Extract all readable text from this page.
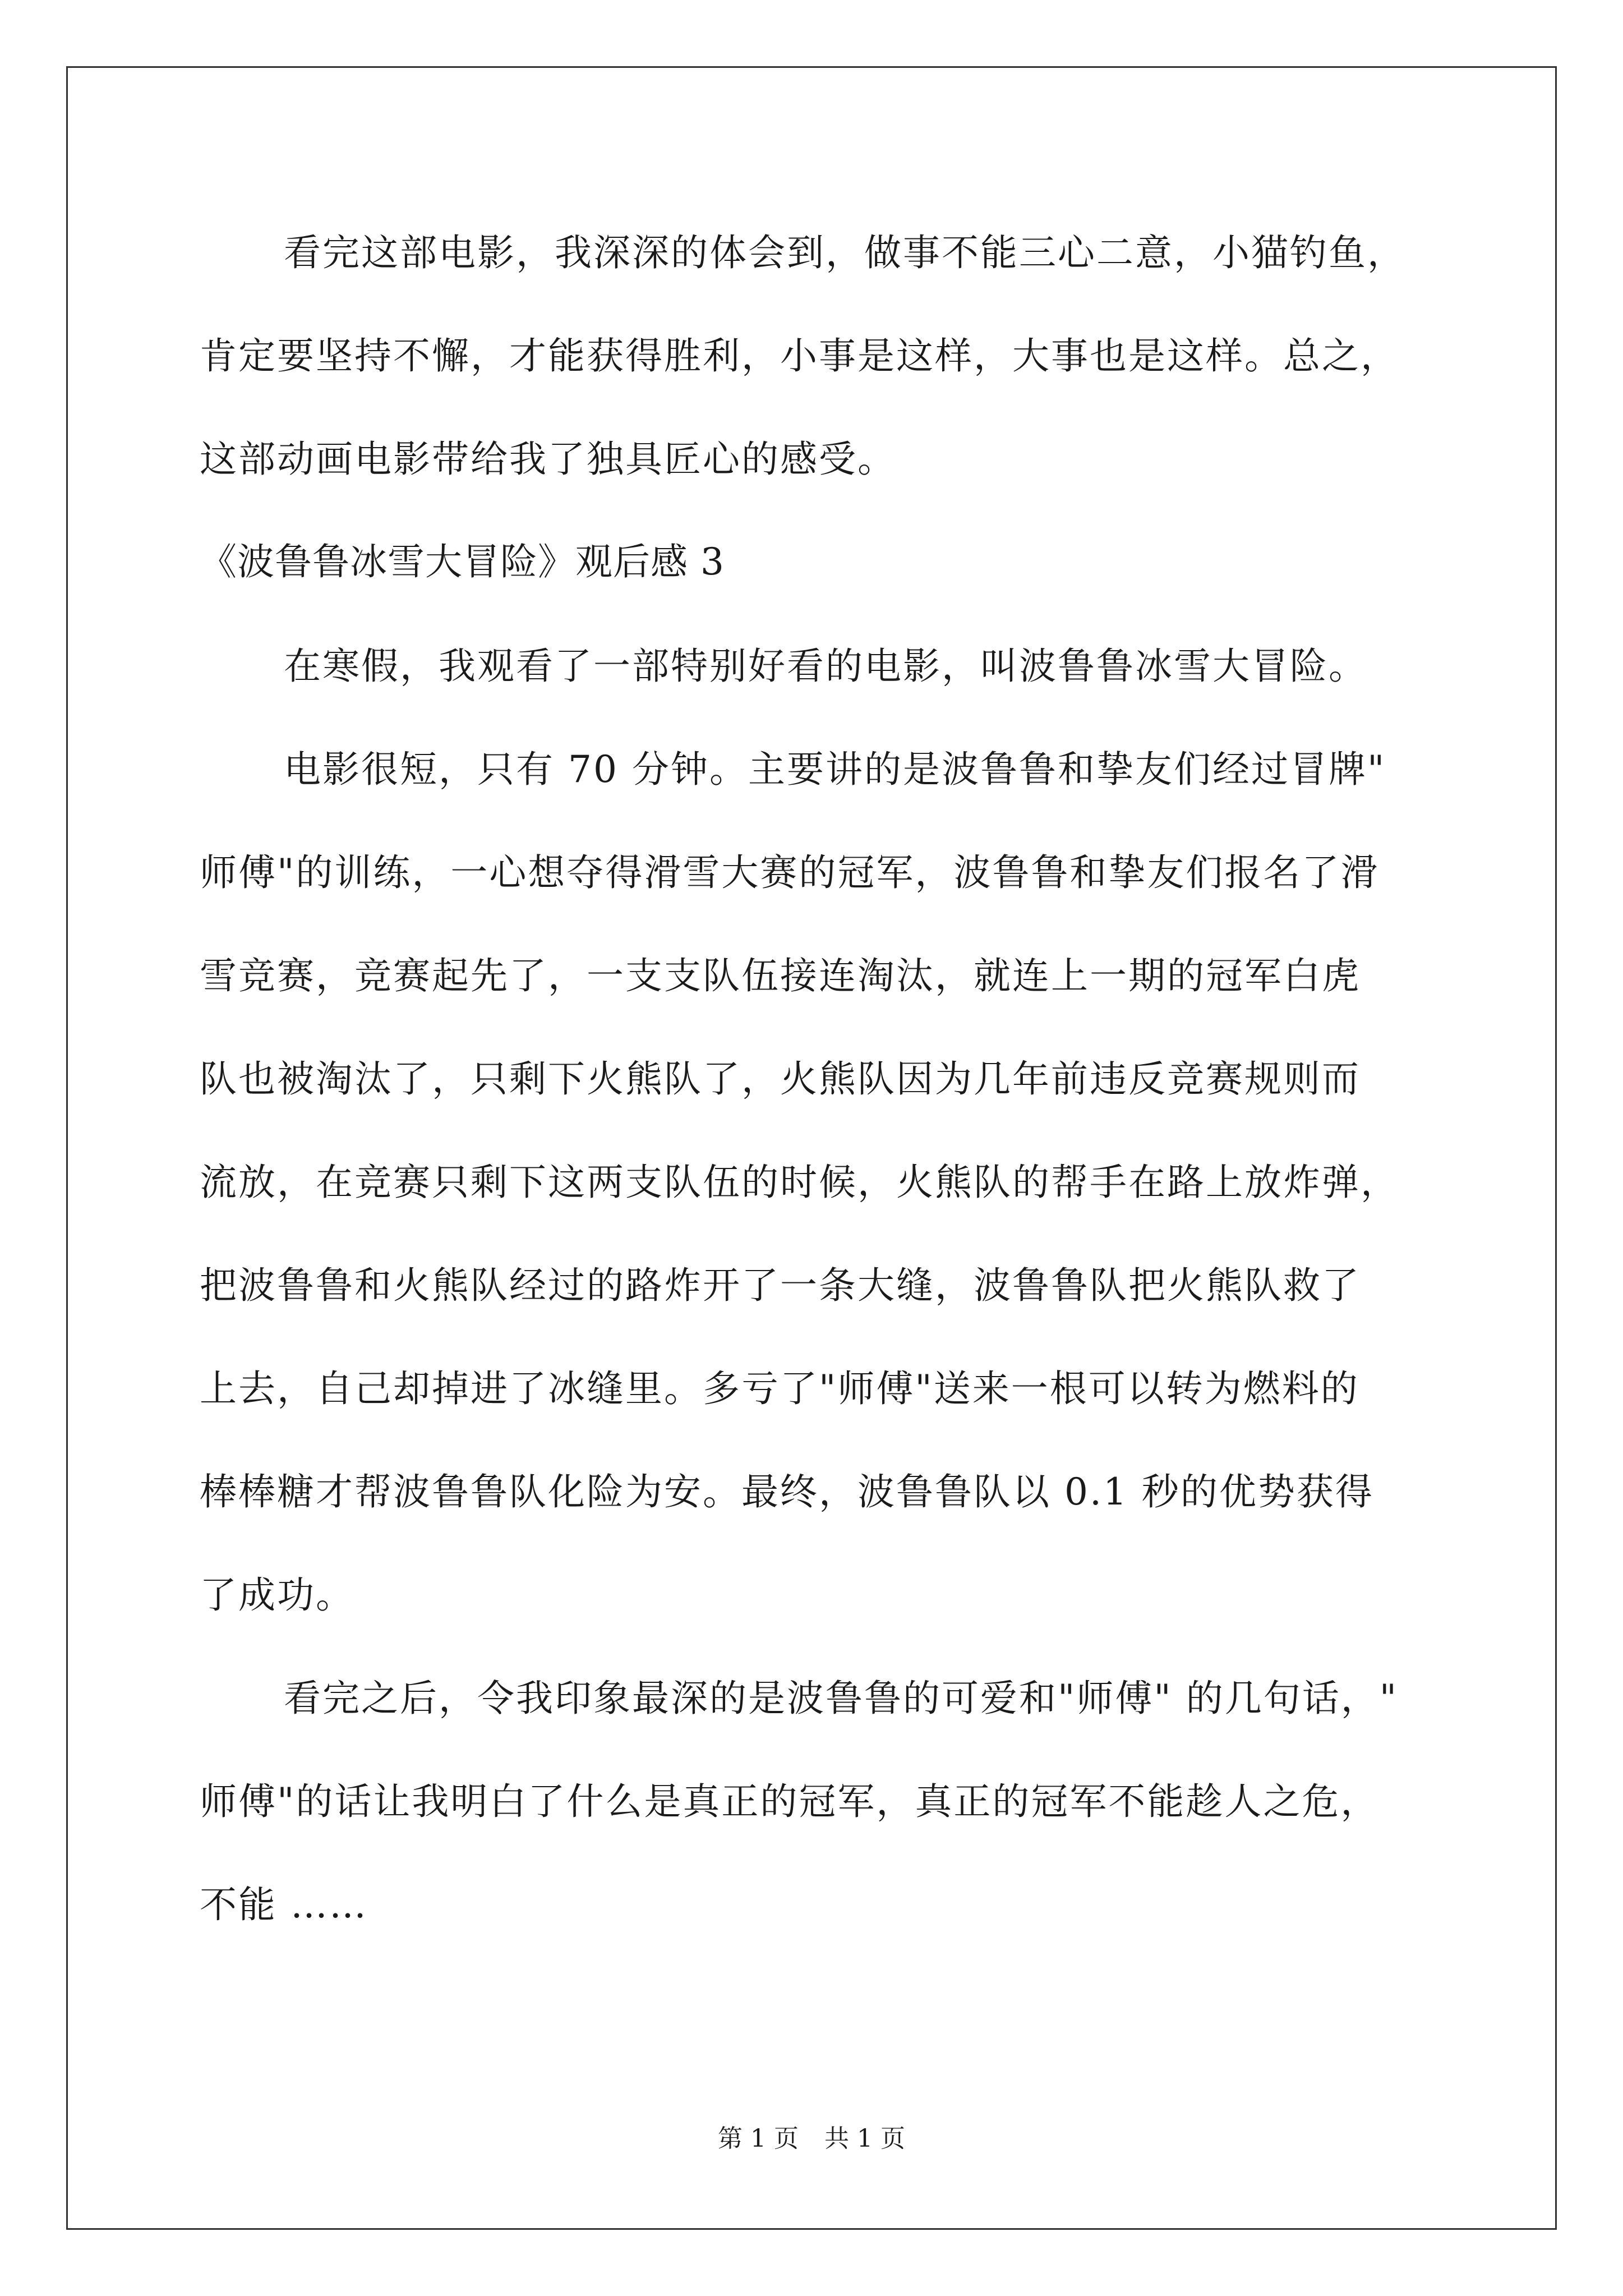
看完这部电影，我深深的体会到，做事不能三心二意，小猫钓鱼，

肯定要坚持不懈，才能获得胜利，小事是这样，大事也是这样。总之，

这部动画电影带给我了独具匠心的感受。

《波鲁鲁冰雪大冒险》观后感 3

在寒假，我观看了一部特别好看的电影，叫波鲁鲁冰雪大冒险。

电影很短，只有 70 分钟。主要讲的是波鲁鲁和挚友们经过冒牌"

师傅"的训练，一心想夺得滑雪大赛的冠军，波鲁鲁和挚友们报名了滑

雪竞赛，竞赛起先了，一支支队伍接连淘汰，就连上一期的冠军白虎

队也被淘汰了，只剩下火熊队了，火熊队因为几年前违反竞赛规则而

流放，在竞赛只剩下这两支队伍的时候，火熊队的帮手在路上放炸弹，

把波鲁鲁和火熊队经过的路炸开了一条大缝，波鲁鲁队把火熊队救了

上去，自己却掉进了冰缝里。多亏了"师傅"送来一根可以转为燃料的

棒棒糖才帮波鲁鲁队化险为安。最终，波鲁鲁队以 0.1 秒的优势获得

了成功。

看完之后，令我印象最深的是波鲁鲁的可爱和"师傅" 的几句话，"

师傅"的话让我明白了什么是真正的冠军，真正的冠军不能趁人之危，

不能 ……

第 1 页 共 1 页
